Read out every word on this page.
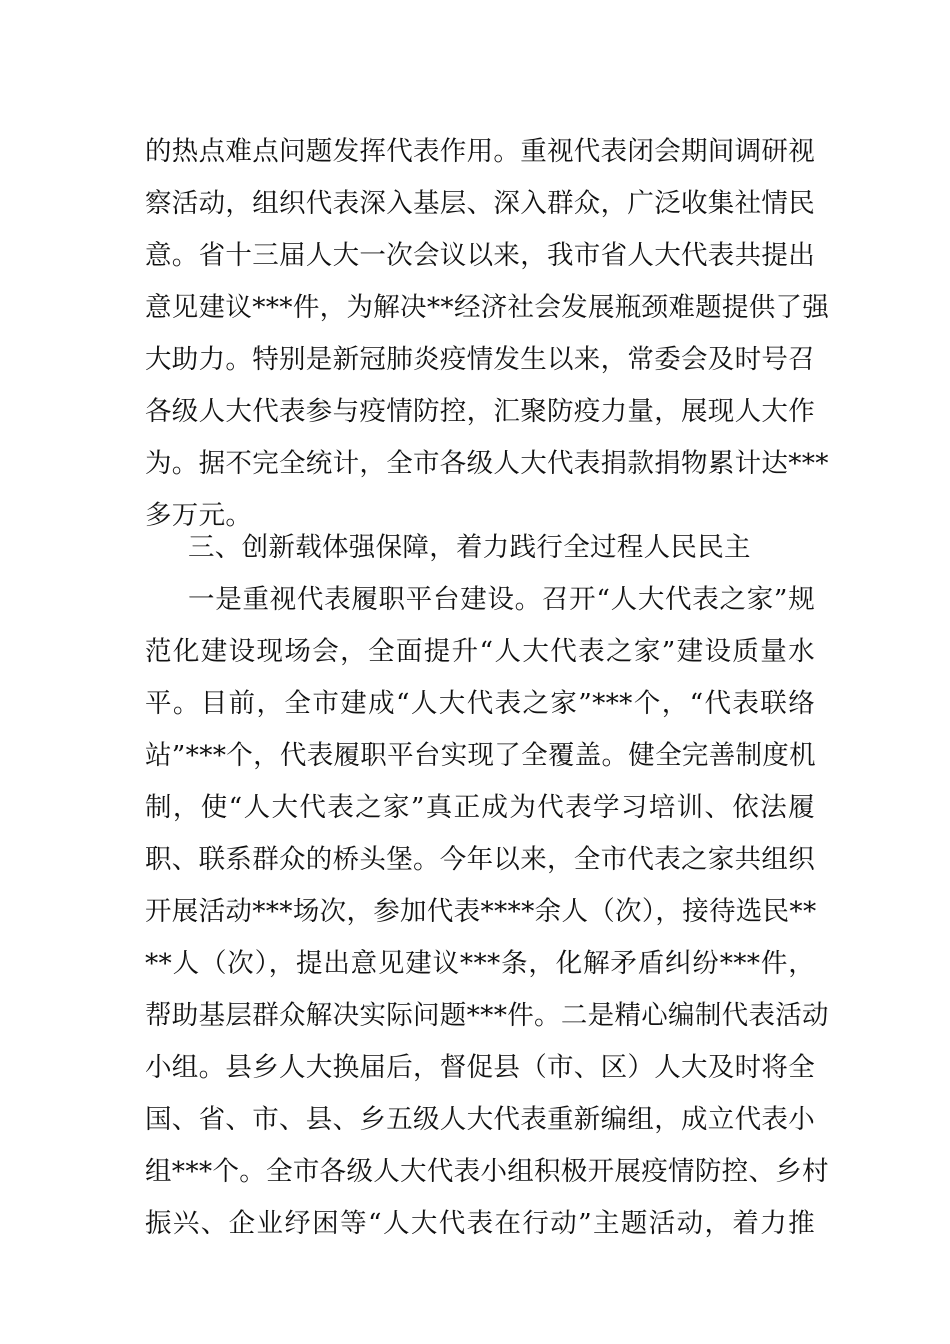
的热点难点问题发挥代表作用。重视代表闭会期间调研视
察活动，组织代表深入基层、深入群众，广泛收集社情民
意。省十三届人大一次会议以来，我市省人大代表共提出
意见建议***件，为解决**经济社会发展瓶颈难题提供了强
大助力。特别是新冠肺炎疫情发生以来，常委会及时号召
各级人大代表参与疫情防控，汇聚防疫力量，展现人大作
为。据不完全统计，全市各级人大代表捐款捐物累计达***
多万元。
三、创新载体强保障，着力践行全过程人民民主
一是重视代表履职平台建设。召开“人大代表之家”规
范化建设现场会，全面提升“人大代表之家”建设质量水
平。目前，全市建成“人大代表之家”***个，“代表联络
站”***个，代表履职平台实现了全覆盖。健全完善制度机
制，使“人大代表之家”真正成为代表学习培训、依法履
职、联系群众的桥头堡。今年以来，全市代表之家共组织
开展活动***场次，参加代表****余人（次），接待选民**
**人（次），提出意见建议***条，化解矛盾纠纷***件，
帮助基层群众解决实际问题***件。二是精心编制代表活动
小组。县乡人大换届后，督促县（市、区）人大及时将全
国、省、市、县、乡五级人大代表重新编组，成立代表小
组***个。全市各级人大代表小组积极开展疫情防控、乡村
振兴、企业纾困等“人大代表在行动”主题活动，着力推
